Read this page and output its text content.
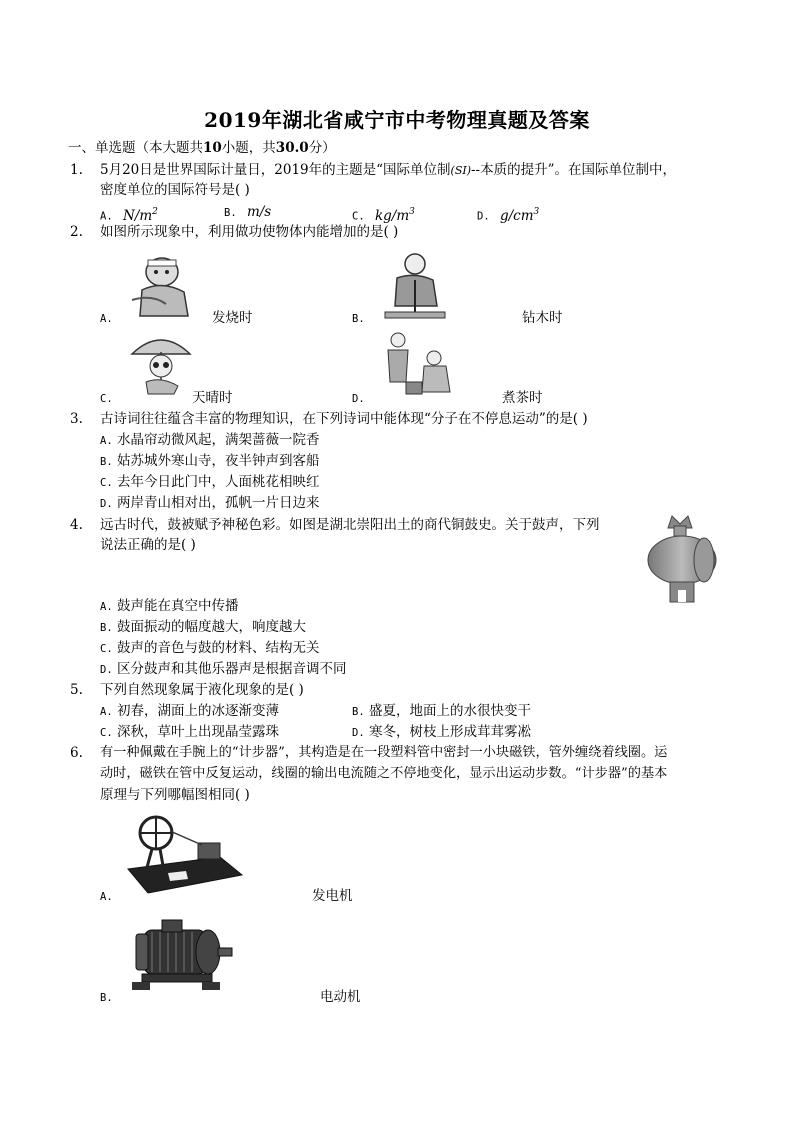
2019年湖北省咸宁市中考物理真题及答案
一、单选题（本大题共10小题，共30.0分）
1. 5月20日是世界国际计量日，2019年的主题是“国际单位制(SI)--本质的提升”。在国际单位制中，
密度单位的国际符号是( )
A. $N/m^2$	B. m/s	C. $kg/m^3$	D. $g/cm^3$
2. 如图所示现象中，利用做功使物体内能增加的是( )
A.	发烧时	B.	钻木时
C.	天晴时	D.	煮茶时
3. 古诗词往往蕴含丰富的物理知识，在下列诗词中能体现“分子在不停息运动”的是( )
A. 水晶帘动微风起，满架蔷薇一院香
B. 姑苏城外寒山寺，夜半钟声到客船
C. 去年今日此门中，人面桃花相映红
D. 两岸青山相对出，孤帆一片日边来
4. 远古时代，鼓被赋予神秘色彩。如图是湖北崇阳出土的商代铜鼓史。关于鼓声，下列
说法正确的是( )
A. 鼓声能在真空中传播
B. 鼓面振动的幅度越大，响度越大
C. 鼓声的音色与鼓的材料、结构无关
D. 区分鼓声和其他乐器声是根据音调不同
5. 下列自然现象属于液化现象的是( )
A. 初春，湖面上的冰逐渐变薄	B. 盛夏，地面上的水很快变干
C. 深秋，草叶上出现晶莹露珠	D. 寒冬，树枝上形成茸茸雾凇
6. 有一种佩戴在手腕上的“计步器”，其构造是在一段塑料管中密封一小块磁铁，管外缠绕着线圈。运
动时，磁铁在管中反复运动，线圈的输出电流随之不停地变化，显示出运动步数。“计步器”的基本
原理与下列哪幅图相同( )
A.	发电机
B.	电动机
